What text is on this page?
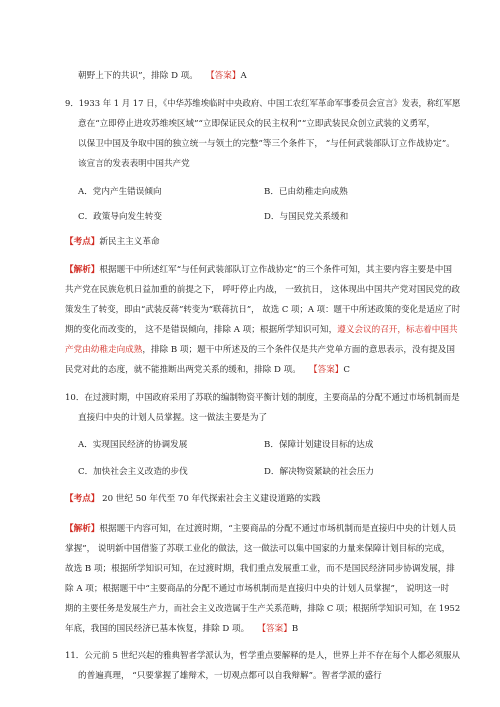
朝野上下的共识”，排除 D 项。 【答案】A
9．1933 年 1 月 17 日，《中华苏维埃临时中央政府、中国工农红军革命军事委员会宣言》发表，称红军愿
意在“立即停止进攻苏维埃区域”“立即保证民众的民主权利”“立即武装民众创立武装的义勇军，
以保卫中国及争取中国的独立统一与领土的完整”等三个条件下， “与任何武装部队订立作战协定”。
该宣言的发表表明中国共产党
A．党内产生错误倾向	B．已由幼稚走向成熟
C．政策导向发生转变	D．与国民党关系缓和
【考点】新民主主义革命
【解析】根据题干中所述红军“与任何武装部队订立作战协定”的三个条件可知，其主要内容主要是中国
共产党在民族危机日益加重的前提之下， 呼吁停止内战， 一致抗日， 这体现出中国共产党对国民党的政
策发生了转变，即由“武装反蒋”转变为“联蒋抗日”， 故选 C 项；A 项：题干中所述政策的变化是适应了时
期的变化而改变的， 这不是错误倾向，排除 A 项；根据所学知识可知，遵义会议的召开，标志着中国共
产党由幼稚走向成熟，排除 B 项；题干中所述及的三个条件仅是共产党单方面的意思表示，没有提及国
民党对此的态度，就不能推断出两党关系的缓和，排除 D 项。 【答案】C
10．在过渡时期，中国政府采用了苏联的编制物资平衡计划的制度，主要商品的分配不通过市场机制而是
直接归中央的计划人员掌握。这一做法主要是为了
A．实现国民经济的协调发展	B．保障计划建设目标的达成
C．加快社会主义改造的步伐	D．解决物资紧缺的社会压力
【考点】 20 世纪 50 年代至 70 年代探索社会主义建设道路的实践
【解析】根据题干内容可知，在过渡时期，“主要商品的分配不通过市场机制而是直接归中央的计划人员
掌握”， 说明新中国借鉴了苏联工业化的做法，这一做法可以集中国家的力量来保障计划目标的完成，
故选 B 项；根据所学知识可知，在过渡时期，我们重点发展重工业，而不是国民经济同步协调发展，排
除 A 项；根据题干中“主要商品的分配不通过市场机制而是直接归中央的计划人员掌握”， 说明这一时
期的主要任务是发展生产力，而社会主义改造属于生产关系范畴，排除 C 项；根据所学知识可知，在 1952
年底，我国的国民经济已基本恢复，排除 D 项。 【答案】B
11．公元前 5 世纪兴起的雅典智者学派认为，哲学重点要解释的是人，世界上并不存在每个人都必须服从
的普遍真理， “只要掌握了雄辩术，一切观点都可以自我辩解”。智者学派的盛行
